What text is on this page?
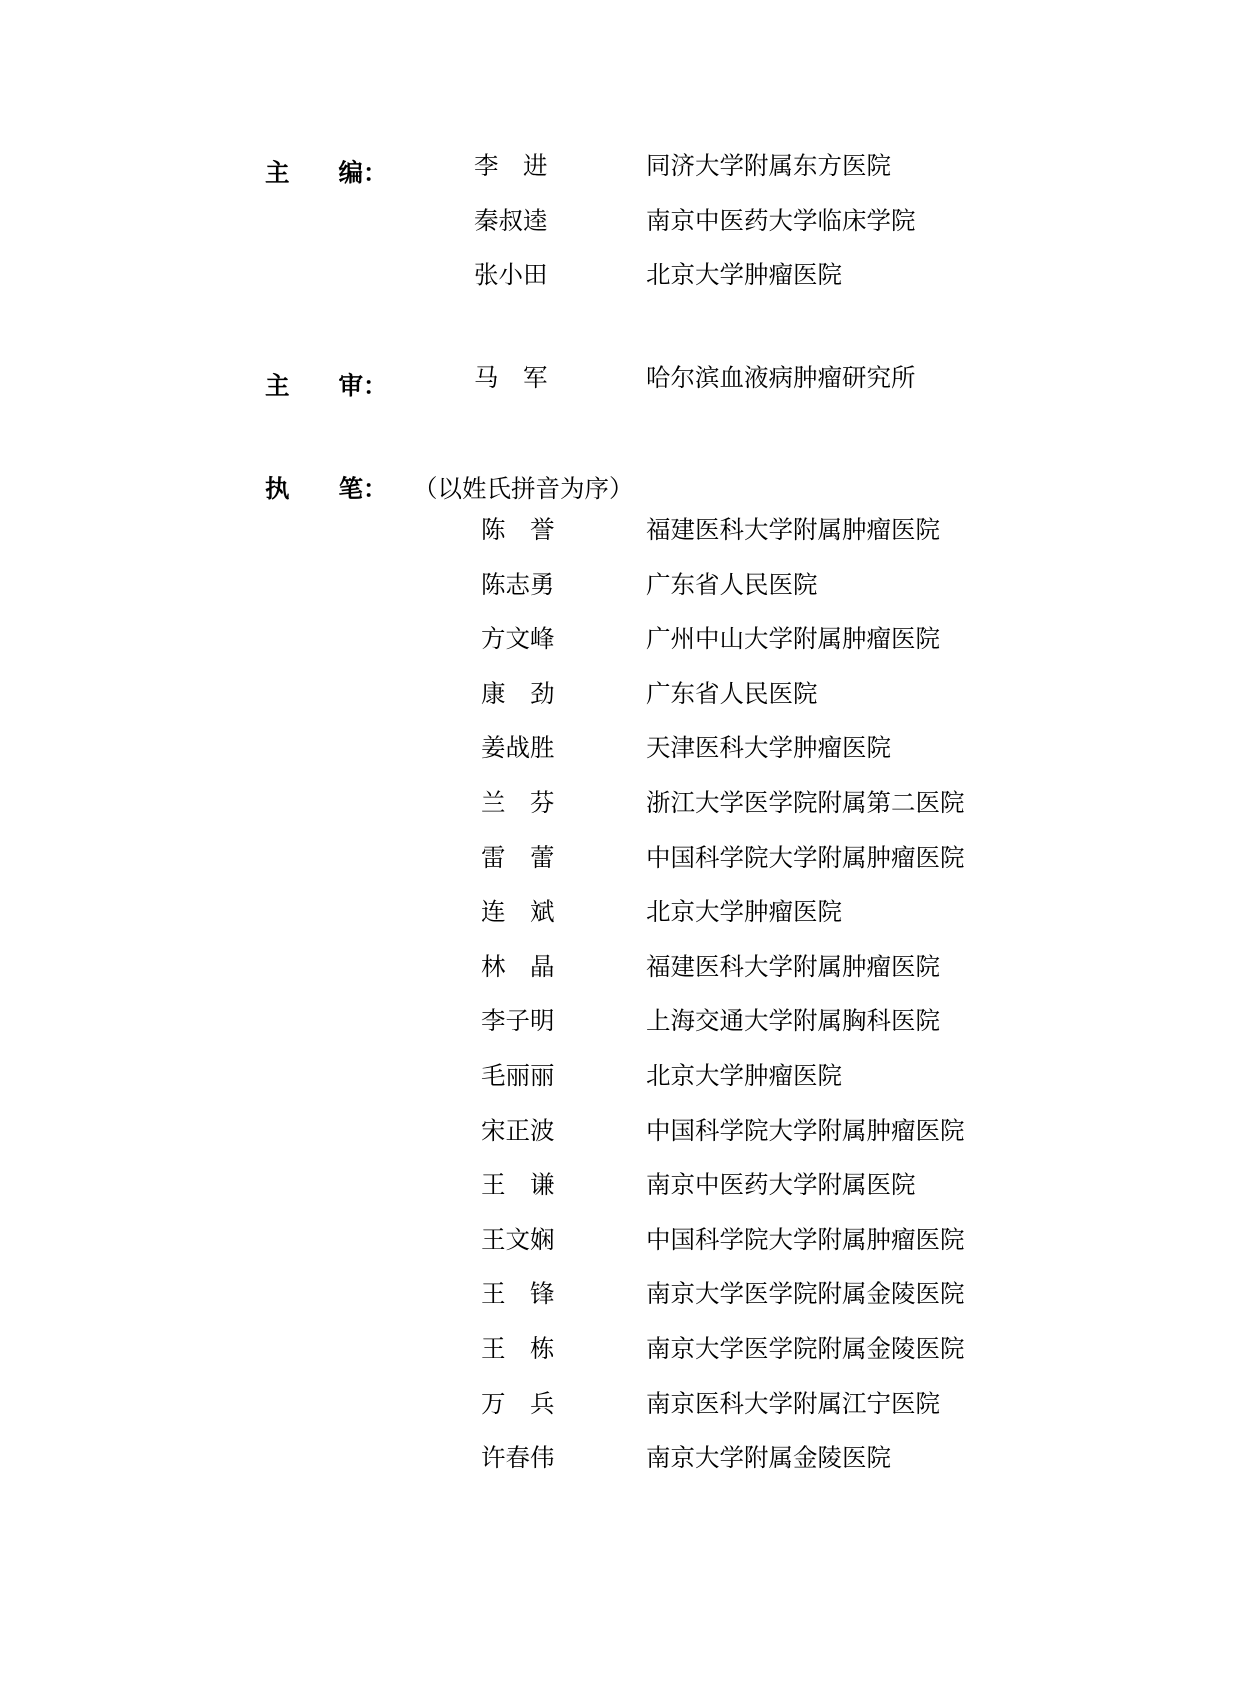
主　　编：	李　进	同济大学附属东方医院
秦叔逵	南京中医药大学临床学院
张小田	北京大学肿瘤医院
主　　审：	马　军	哈尔滨血液病肿瘤研究所
执　　笔： （以姓氏拼音为序）
陈　誉	福建医科大学附属肿瘤医院
陈志勇	广东省人民医院
方文峰	广州中山大学附属肿瘤医院
康　劲	广东省人民医院
姜战胜	天津医科大学肿瘤医院
兰　芬	浙江大学医学院附属第二医院
雷　蕾	中国科学院大学附属肿瘤医院
连　斌	北京大学肿瘤医院
林　晶	福建医科大学附属肿瘤医院
李子明	上海交通大学附属胸科医院
毛丽丽	北京大学肿瘤医院
宋正波	中国科学院大学附属肿瘤医院
王　谦	南京中医药大学附属医院
王文娴	中国科学院大学附属肿瘤医院
王　锋	南京大学医学院附属金陵医院
王　栋	南京大学医学院附属金陵医院
万　兵	南京医科大学附属江宁医院
许春伟	南京大学附属金陵医院
